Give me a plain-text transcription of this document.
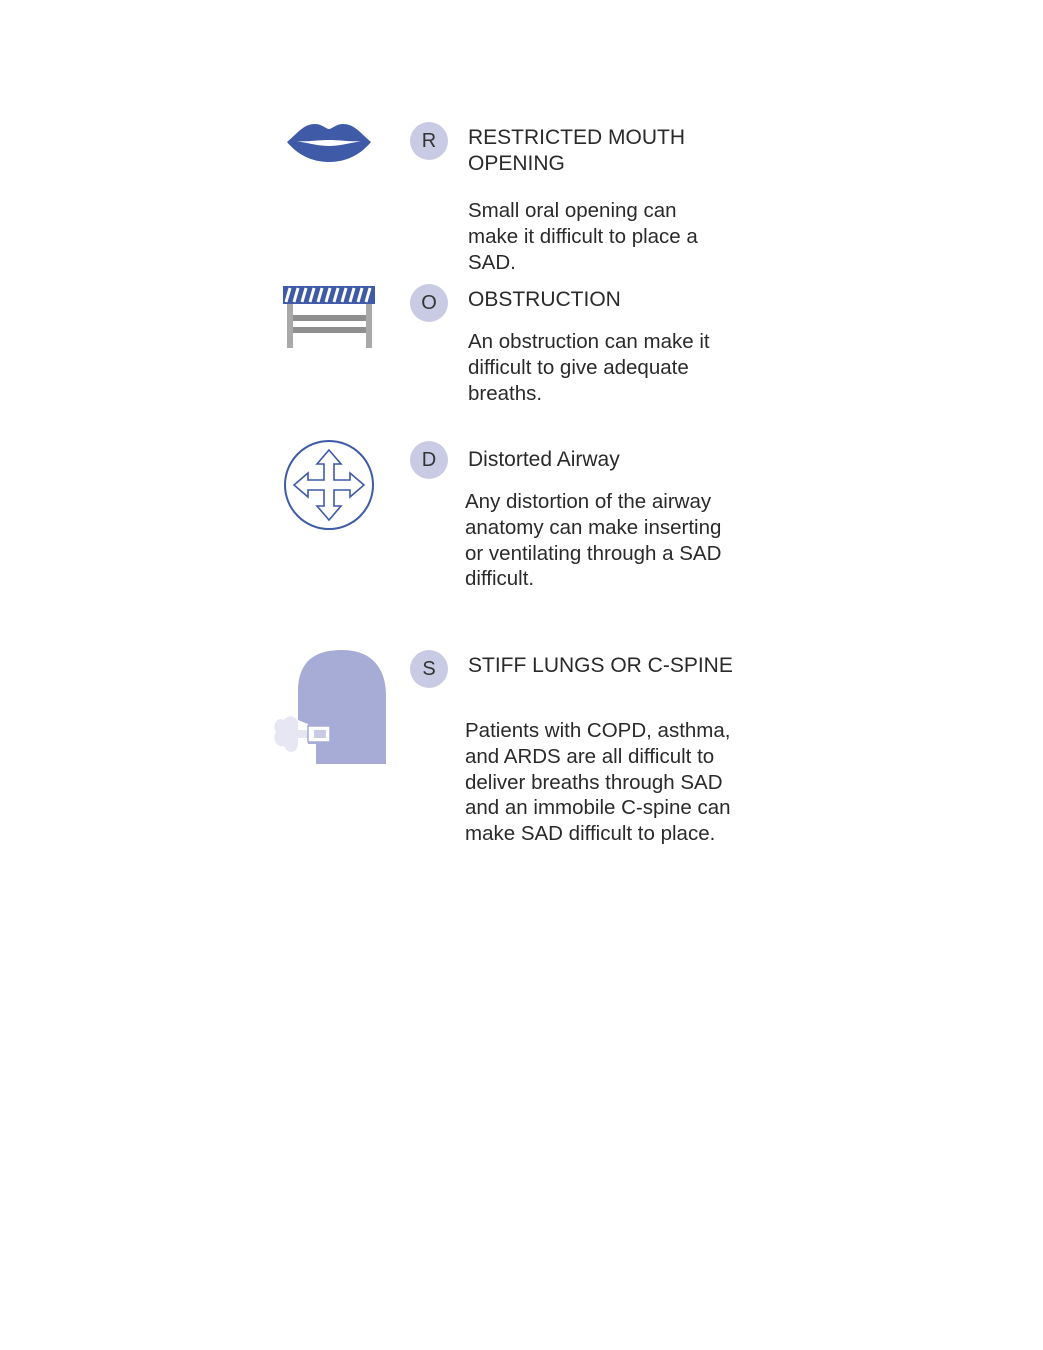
R	RESTRICTED MOUTH
OPENING
Small oral opening can
make it difficult to place a
SAD.
O	OBSTRUCTION
An obstruction can make it
difficult to give adequate
breaths.
D	Distorted Airway
Any distortion of the airway
anatomy can make inserting
or ventilating through a SAD
difficult.
S	STIFF LUNGS OR C-SPINE
Patients with COPD, asthma,
and ARDS are all difficult to
deliver breaths through SAD
and an immobile C-spine can
make SAD difficult to place.
